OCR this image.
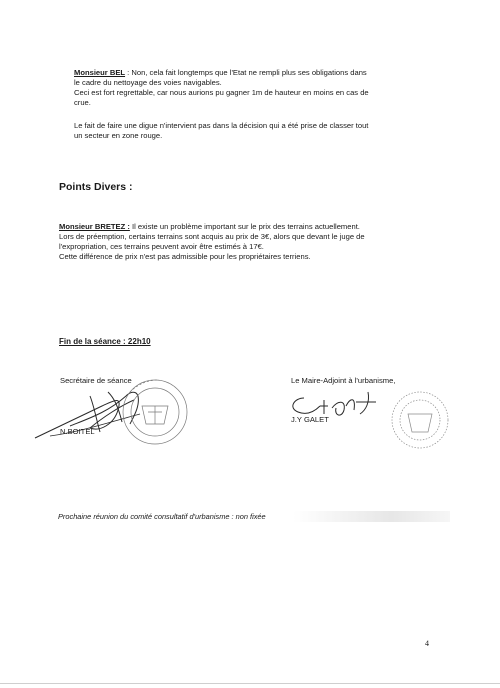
Monsieur BEL : Non, cela fait longtemps que l'Etat ne rempli plus ses obligations dans
le cadre du nettoyage des voies navigables.
Ceci est fort regrettable, car nous aurions pu gagner 1m de hauteur en moins en cas de
crue.

Le fait de faire une digue n'intervient pas dans la décision qui a été prise de classer tout
un secteur en zone rouge.

Points Divers :

Monsieur BRETEZ : Il existe un problème important sur le prix des terrains actuellement.
Lors de préemption, certains terrains sont acquis au prix de 3€, alors que devant le juge de
l'expropriation, ces terrains peuvent avoir être estimés à 17€.
Cette différence de prix n'est pas admissible pour les propriétaires terriens.

Fin de la séance : 22h10
Secrétaire de séance
N.BOITEL
Le Maire-Adjoint à l'urbanisme,
J.Y GALET
Prochaine réunion du comité consultatif d'urbanisme : non fixée
4
